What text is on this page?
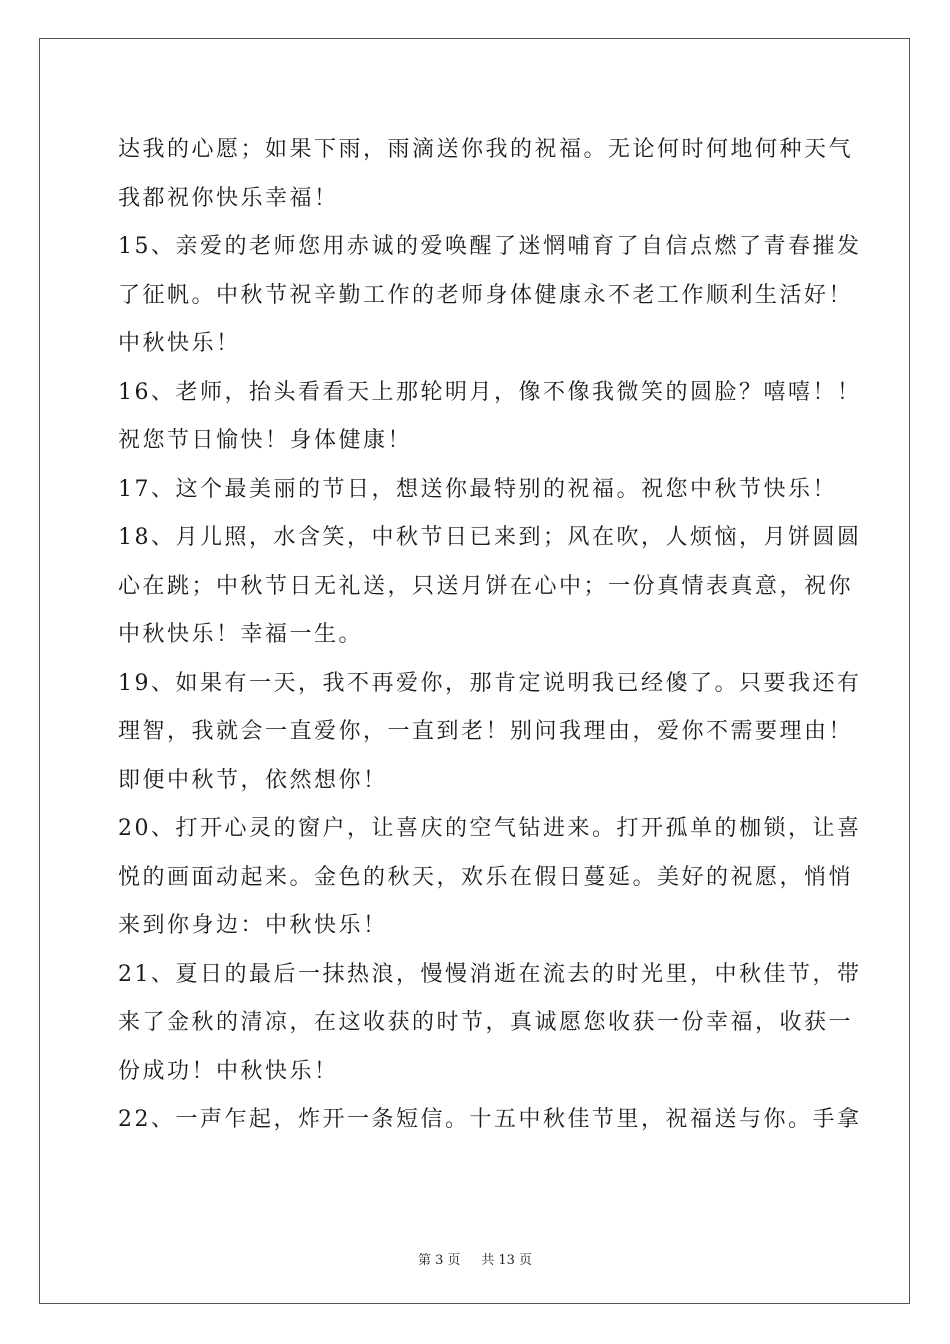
达我的心愿；如果下雨，雨滴送你我的祝福。无论何时何地何种天气
我都祝你快乐幸福！
15、亲爱的老师您用赤诚的爱唤醒了迷惘哺育了自信点燃了青春摧发
了征帆。中秋节祝辛勤工作的老师身体健康永不老工作顺利生活好！
中秋快乐！
16、老师，抬头看看天上那轮明月，像不像我微笑的圆脸？嘻嘻！！
祝您节日愉快！身体健康！
17、这个最美丽的节日，想送你最特别的祝福。祝您中秋节快乐！
18、月儿照，水含笑，中秋节日已来到；风在吹，人烦恼，月饼圆圆
心在跳；中秋节日无礼送，只送月饼在心中；一份真情表真意，祝你
中秋快乐！幸福一生。
19、如果有一天，我不再爱你，那肯定说明我已经傻了。只要我还有
理智，我就会一直爱你，一直到老！别问我理由，爱你不需要理由！
即便中秋节，依然想你！
20、打开心灵的窗户，让喜庆的空气钻进来。打开孤单的枷锁，让喜
悦的画面动起来。金色的秋天，欢乐在假日蔓延。美好的祝愿，悄悄
来到你身边：中秋快乐！
21、夏日的最后一抹热浪，慢慢消逝在流去的时光里，中秋佳节，带
来了金秋的清凉，在这收获的时节，真诚愿您收获一份幸福，收获一
份成功！中秋快乐！
22、一声乍起，炸开一条短信。十五中秋佳节里，祝福送与你。手拿
第 3 页 共 13 页
